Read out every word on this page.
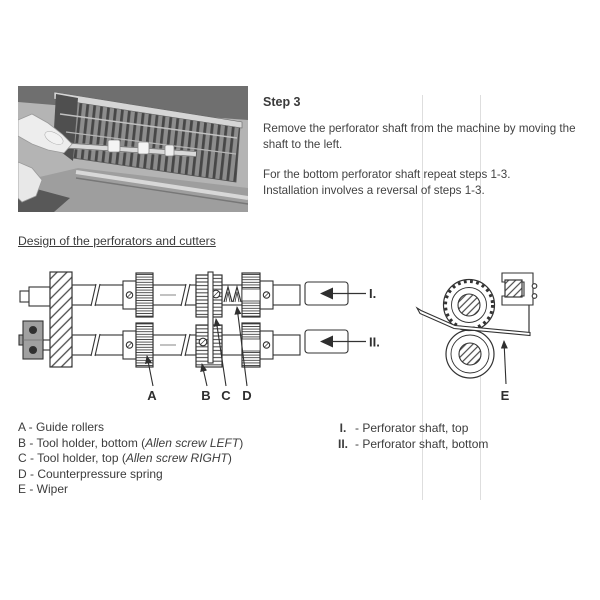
Step 3
Remove the perforator shaft from the machine by moving the
shaft to the left.
For the bottom perforator shaft repeat steps 1-3.
Installation involves a reversal of steps 1-3.
Design of the perforators and cutters
I.
II.
A	B C D	E
A - Guide rollers
B - Tool holder, bottom (Allen screw LEFT)
C - Tool holder, top (Allen screw RIGHT)
D - Counterpressure spring
E - Wiper
I. - Perforator shaft, top
II. - Perforator shaft, bottom
